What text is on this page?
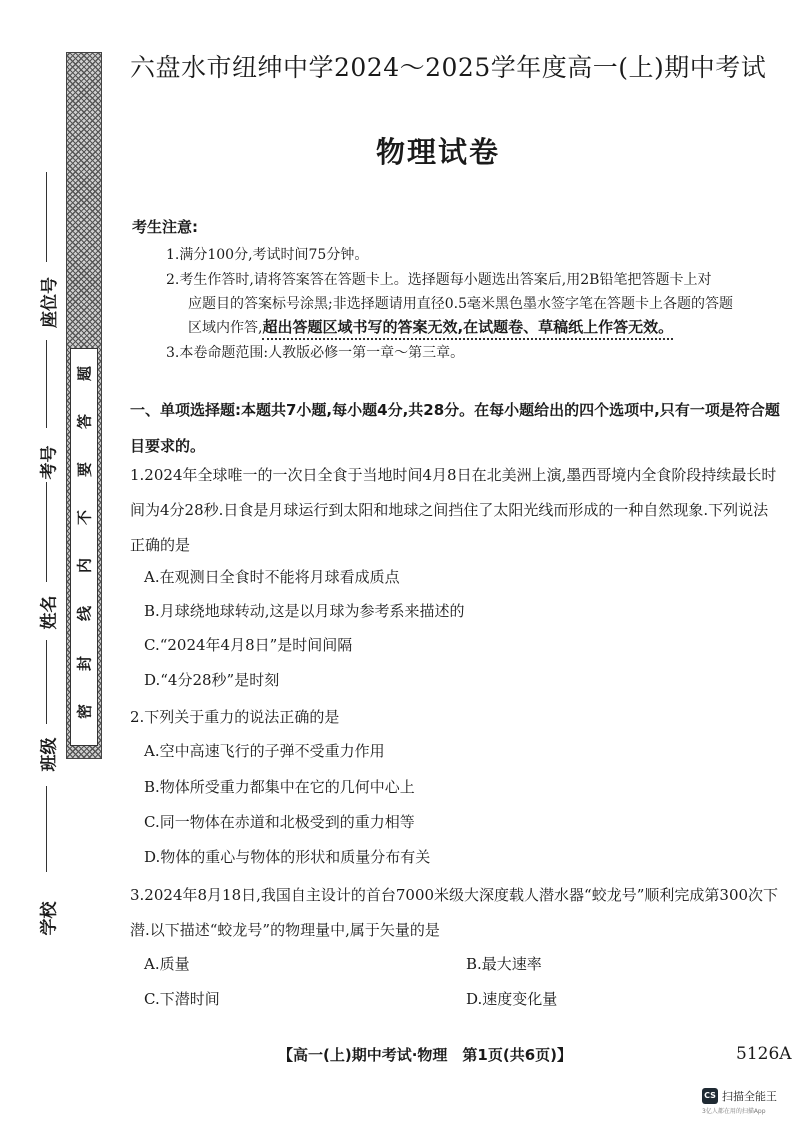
题
答
要
不
内
线
封
密
座位号
考号
姓名
班级
学校
六盘水市纽绅中学2024～2025学年度高一(上)期中考试
物理试卷
考生注意:
1.满分100分,考试时间75分钟。
2.考生作答时,请将答案答在答题卡上。选择题每小题选出答案后,用2B铅笔把答题卡上对
应题目的答案标号涂黑;非选择题请用直径0.5毫米黑色墨水签字笔在答题卡上各题的答题
区域内作答,超出答题区域书写的答案无效,在试题卷、草稿纸上作答无效。
3.本卷命题范围:人教版必修一第一章～第三章。
一、单项选择题:本题共7小题,每小题4分,共28分。在每小题给出的四个选项中,只有一项是符合题目要求的。
1.2024年全球唯一的一次日全食于当地时间4月8日在北美洲上演,墨西哥境内全食阶段持续最长时间为4分28秒.日食是月球运行到太阳和地球之间挡住了太阳光线而形成的一种自然现象.下列说法正确的是
A.在观测日全食时不能将月球看成质点
B.月球绕地球转动,这是以月球为参考系来描述的
C.“2024年4月8日”是时间间隔
D.“4分28秒”是时刻
2.下列关于重力的说法正确的是
A.空中高速飞行的子弹不受重力作用
B.物体所受重力都集中在它的几何中心上
C.同一物体在赤道和北极受到的重力相等
D.物体的重心与物体的形状和质量分布有关
3.2024年8月18日,我国自主设计的首台7000米级大深度载人潜水器“蛟龙号”顺利完成第300次下潜.以下描述“蛟龙号”的物理量中,属于矢量的是
A.质量	B.最大速率
C.下潜时间	D.速度变化量
【高一(上)期中考试·物理　第1页(共6页)】	5126A
CS 扫描全能王
3亿人都在用的扫描App
